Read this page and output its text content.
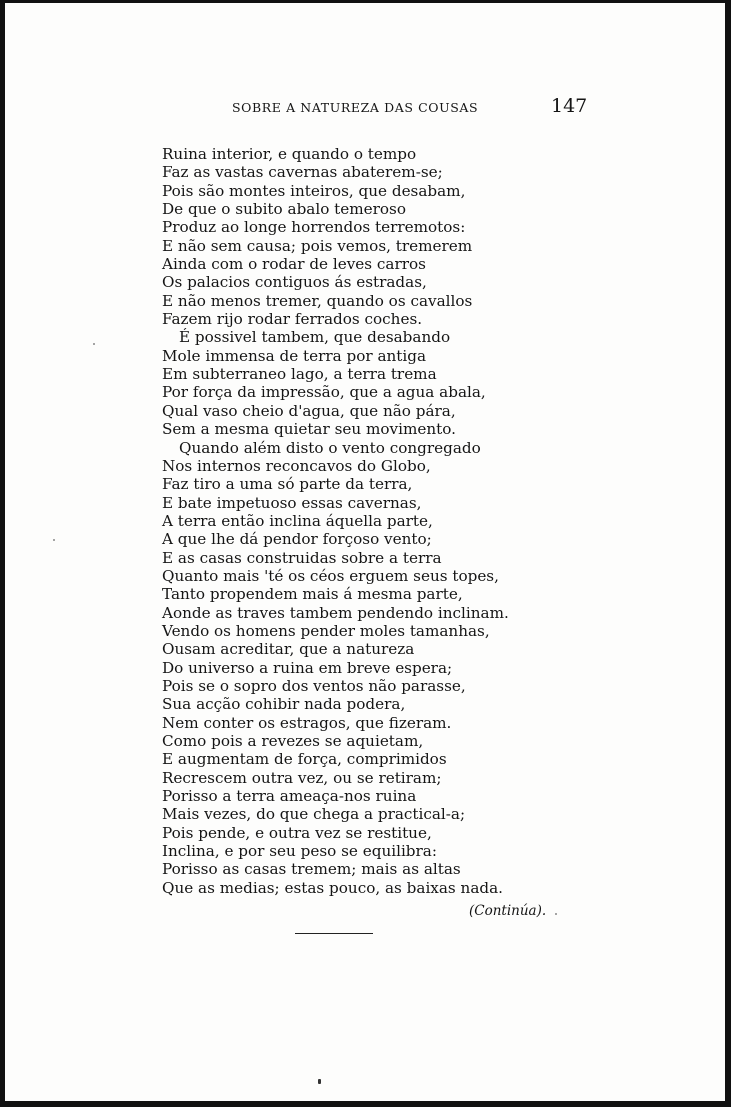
SOBRE A NATUREZA DAS COUSAS	147
Ruina interior, e quando o tempo
Faz as vastas cavernas abaterem-se;
Pois são montes inteiros, que desabam,
De que o subito abalo temeroso
Produz ao longe horrendos terremotos:
E não sem causa; pois vemos, tremerem
Ainda com o rodar de leves carros
Os palacios contiguos ás estradas,
E não menos tremer, quando os cavallos
Fazem rijo rodar ferrados coches.
É possivel tambem, que desabando
Mole immensa de terra por antiga
Em subterraneo lago, a terra trema
Por força da impressão, que a agua abala,
Qual vaso cheio d'agua, que não pára,
Sem a mesma quietar seu movimento.
Quando além disto o vento congregado
Nos internos reconcavos do Globo,
Faz tiro a uma só parte da terra,
E bate impetuoso essas cavernas,
A terra então inclina áquella parte,
A que lhe dá pendor forçoso vento;
E as casas construidas sobre a terra
Quanto mais 'té os céos erguem seus topes,
Tanto propendem mais á mesma parte,
Aonde as traves tambem pendendo inclinam.
Vendo os homens pender moles tamanhas,
Ousam acreditar, que a natureza
Do universo a ruina em breve espera;
Pois se o sopro dos ventos não parasse,
Sua acção cohibir nada podera,
Nem conter os estragos, que fizeram.
Como pois a revezes se aquietam,
E augmentam de força, comprimidos
Recrescem outra vez, ou se retiram;
Porisso a terra ameaça-nos ruina
Mais vezes, do que chega a practical-a;
Pois pende, e outra vez se restitue,
Inclina, e por seu peso se equilibra:
Porisso as casas tremem; mais as altas
Que as medias; estas pouco, as baixas nada.
(Continúa).
